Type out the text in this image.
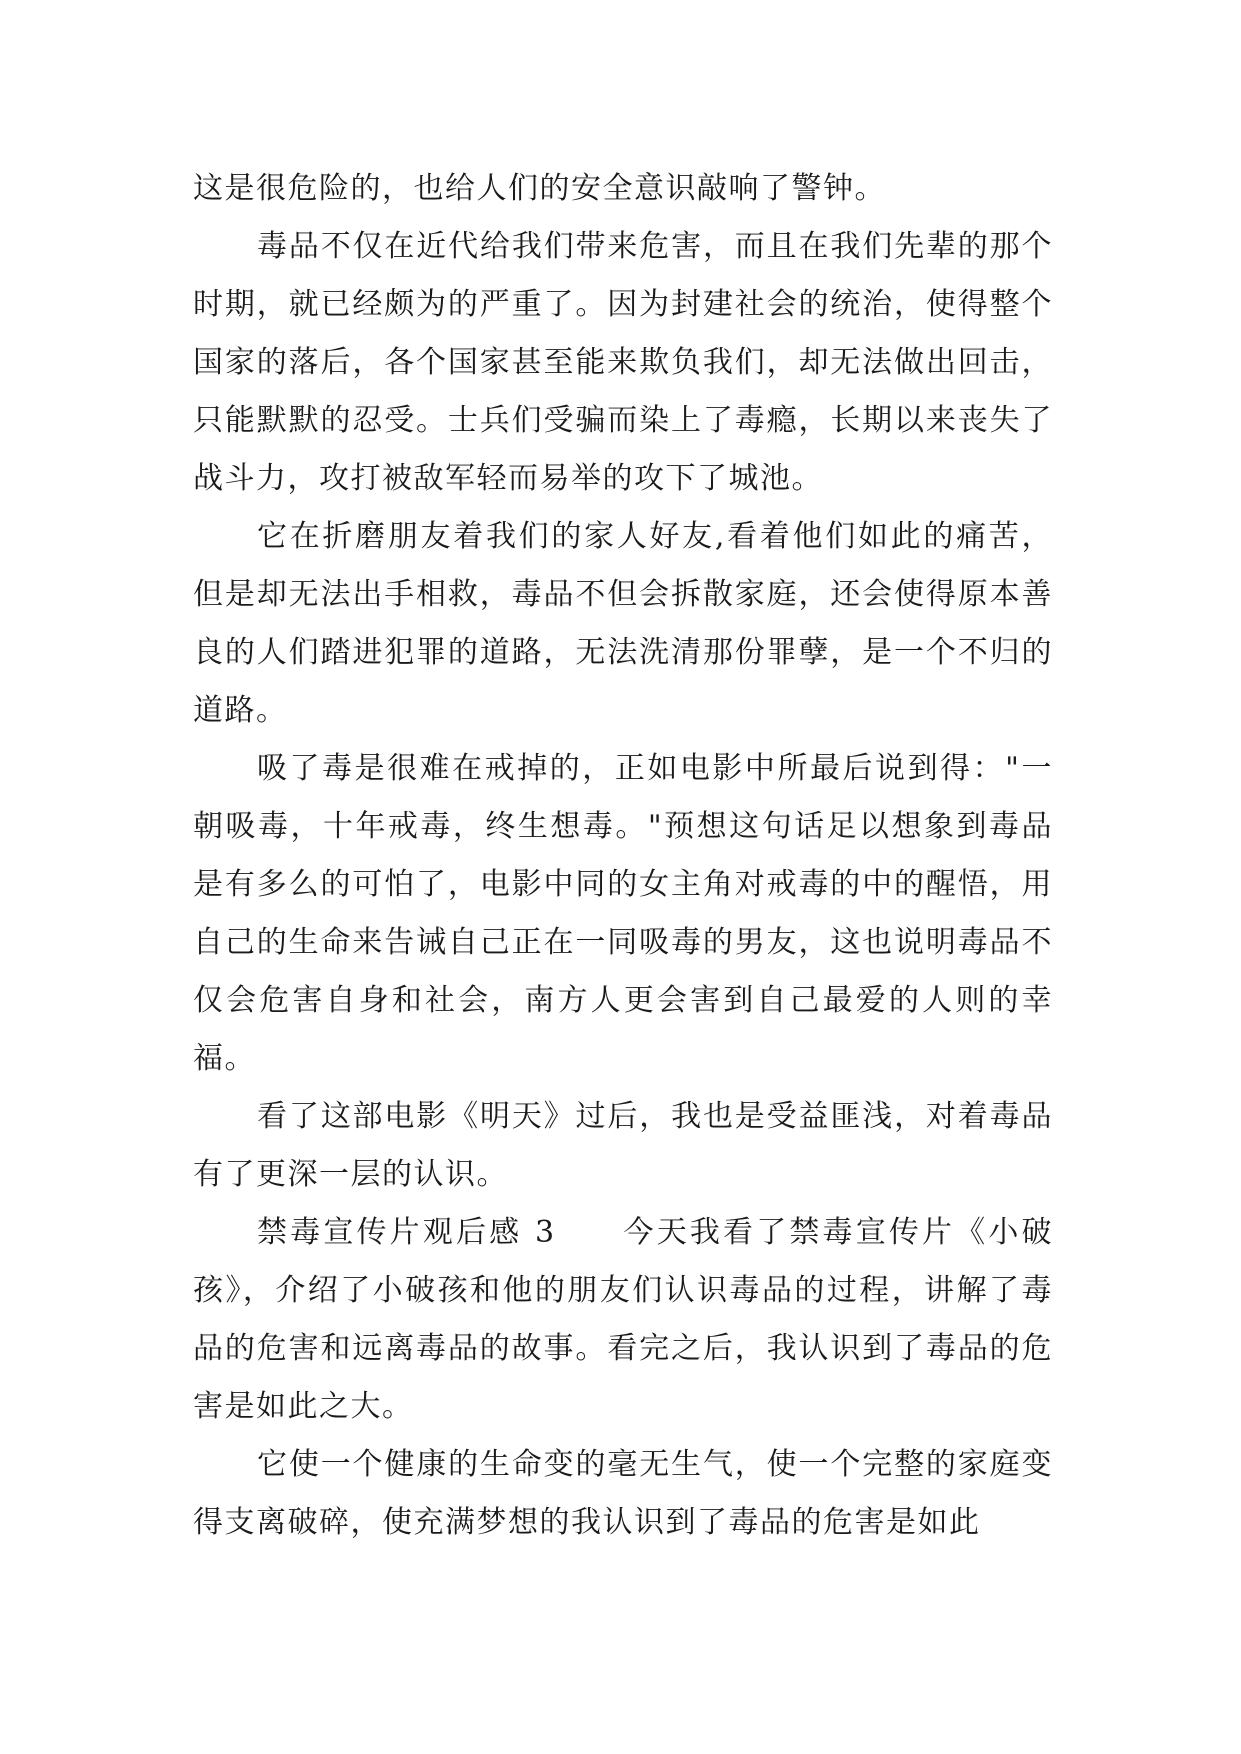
这是很危险的，也给人们的安全意识敲响了警钟。

毒品不仅在近代给我们带来危害，而且在我们先辈的那个时期，就已经颇为的严重了。因为封建社会的统治，使得整个国家的落后，各个国家甚至能来欺负我们，却无法做出回击，只能默默的忍受。士兵们受骗而染上了毒瘾，长期以来丧失了战斗力，攻打被敌军轻而易举的攻下了城池。

它在折磨朋友着我们的家人好友,看着他们如此的痛苦，但是却无法出手相救，毒品不但会拆散家庭，还会使得原本善良的人们踏进犯罪的道路，无法洗清那份罪孽，是一个不归的道路。

吸了毒是很难在戒掉的，正如电影中所最后说到得："一朝吸毒，十年戒毒，终生想毒。"预想这句话足以想象到毒品是有多么的可怕了，电影中同的女主角对戒毒的中的醒悟，用自己的生命来告诫自己正在一同吸毒的男友，这也说明毒品不仅会危害自身和社会，南方人更会害到自己最爱的人则的幸福。

看了这部电影《明天》过后，我也是受益匪浅，对着毒品有了更深一层的认识。

禁毒宣传片观后感 3　　今天我看了禁毒宣传片《小破孩》，介绍了小破孩和他的朋友们认识毒品的过程，讲解了毒品的危害和远离毒品的故事。看完之后，我认识到了毒品的危害是如此之大。

它使一个健康的生命变的毫无生气，使一个完整的家庭变得支离破碎，使充满梦想的我认识到了毒品的危害是如此
